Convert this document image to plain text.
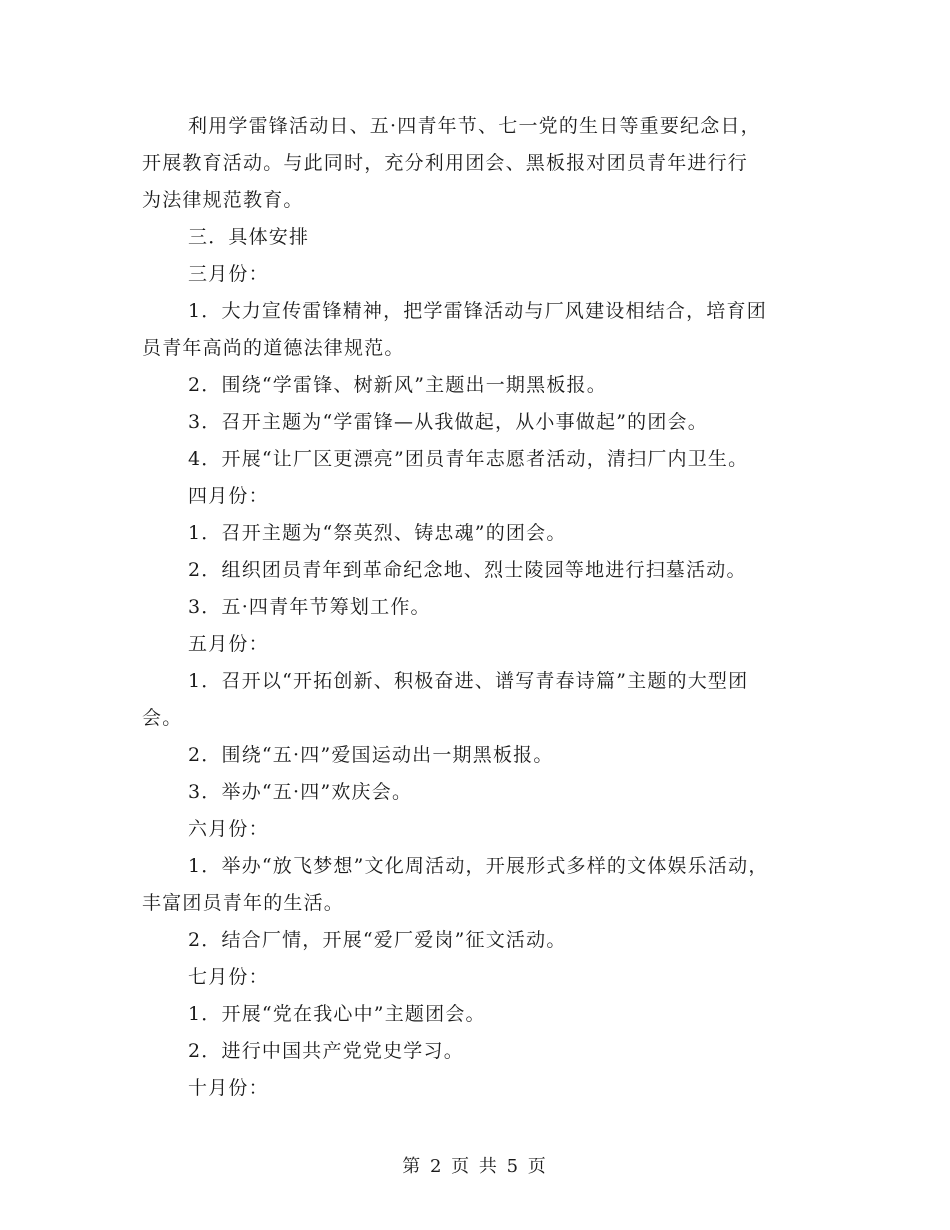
利用学雷锋活动日、五·四青年节、七一党的生日等重要纪念日，
开展教育活动。与此同时，充分利用团会、黑板报对团员青年进行行
为法律规范教育。
三．具体安排
三月份：
1．大力宣传雷锋精神，把学雷锋活动与厂风建设相结合，培育团
员青年高尚的道德法律规范。
2．围绕“学雷锋、树新风”主题出一期黑板报。
3．召开主题为“学雷锋—从我做起，从小事做起”的团会。
4．开展“让厂区更漂亮”团员青年志愿者活动，清扫厂内卫生。
四月份：
1．召开主题为“祭英烈、铸忠魂”的团会。
2．组织团员青年到革命纪念地、烈士陵园等地进行扫墓活动。
3．五·四青年节筹划工作。
五月份：
1．召开以“开拓创新、积极奋进、谱写青春诗篇”主题的大型团
会。
2．围绕“五·四”爱国运动出一期黑板报。
3．举办“五·四”欢庆会。
六月份：
1．举办“放飞梦想”文化周活动，开展形式多样的文体娱乐活动，
丰富团员青年的生活。
2．结合厂情，开展“爱厂爱岗”征文活动。
七月份：
1．开展“党在我心中”主题团会。
2．进行中国共产党党史学习。
十月份：
第 2 页 共 5 页
